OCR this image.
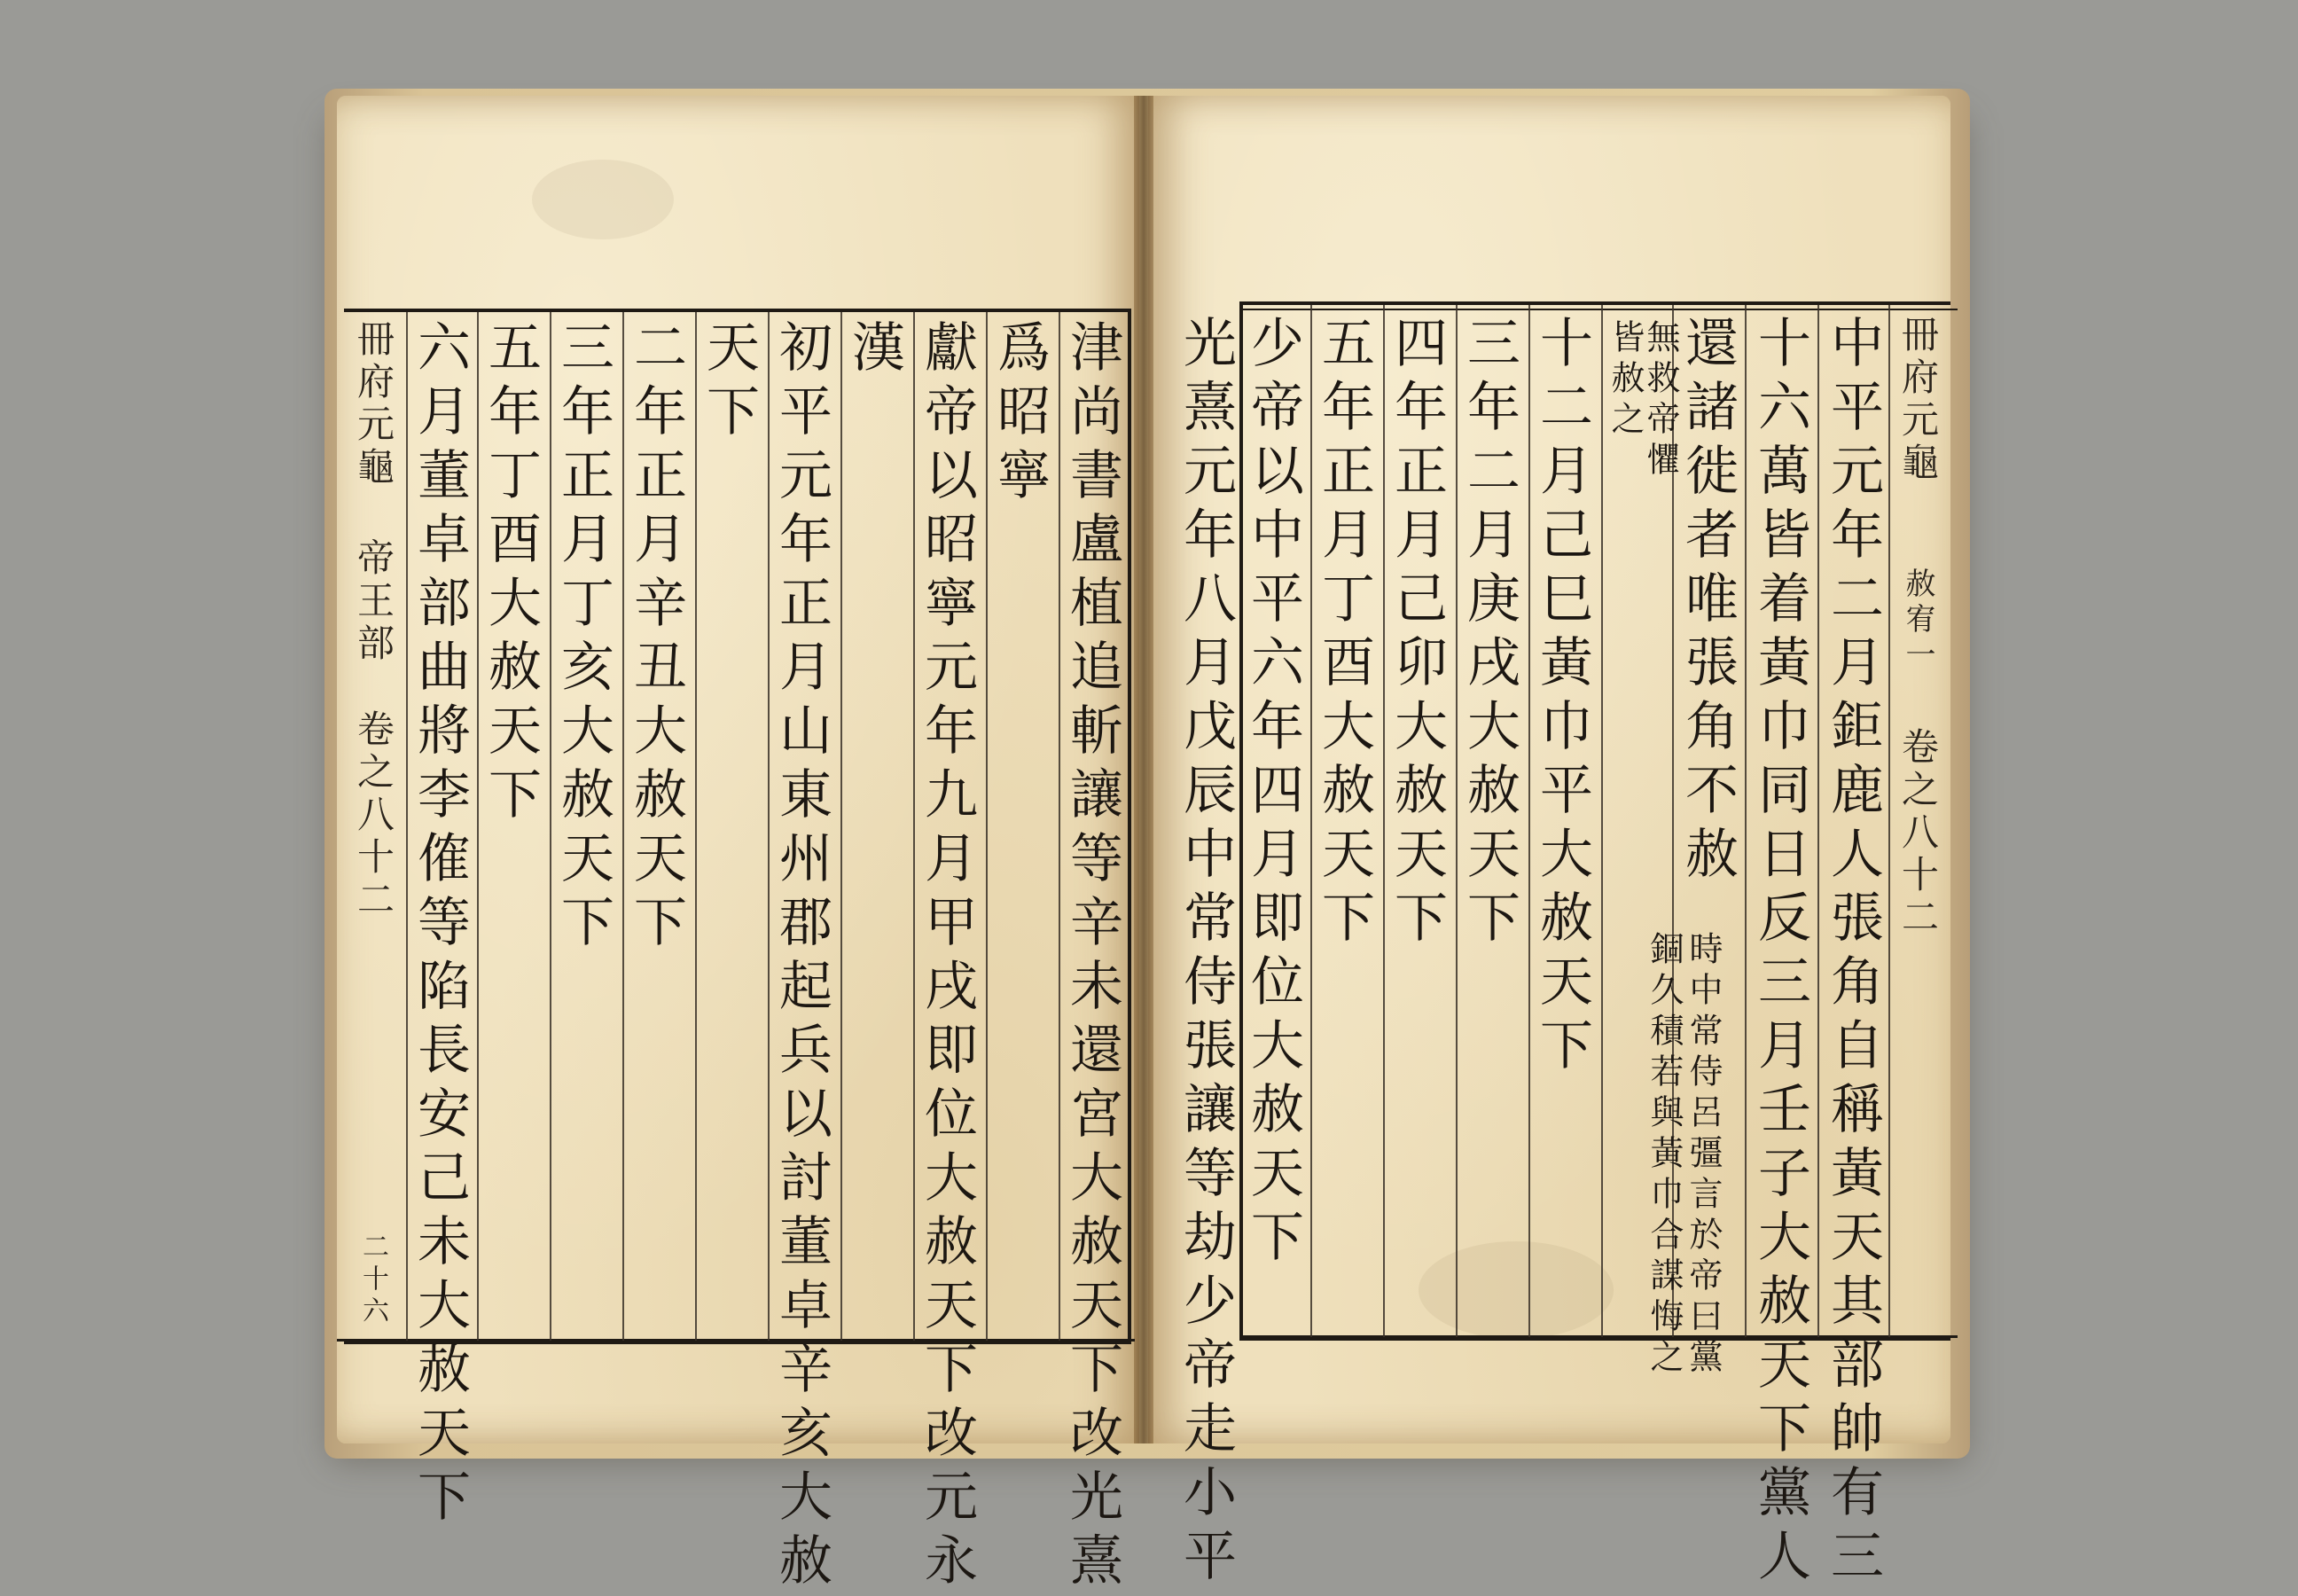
津尚書盧植追斬讓等辛未還宮大赦天下改光熹
爲昭寧
獻帝以昭寧元年九月甲戌即位大赦天下改元永
漢
初平元年正月山東州郡起兵以討董卓辛亥大赦
天下
二年正月辛丑大赦天下
三年正月丁亥大赦天下
五年丁酉大赦天下
六月董卓部曲將李傕等陷長安己未大赦天下
冊府元龜 帝王部
卷之八十二
二十六
冊府元龜
赦宥一
卷之八十二
中平元年二月鉅鹿人張角自稱黃天其部帥有三
十六萬皆着黃巾同日反三月壬子大赦天下黨人
還諸徙者唯張角不赦
時中常侍呂彊言於帝曰黨
錮久積若與黃巾合謀悔之
無救帝懼
皆赦之
十二月己巳黃巾平大赦天下
三年二月庚戌大赦天下
四年正月己卯大赦天下
五年正月丁酉大赦天下
少帝以中平六年四月即位大赦天下
光熹元年八月戊辰中常侍張讓等劫少帝走小平
